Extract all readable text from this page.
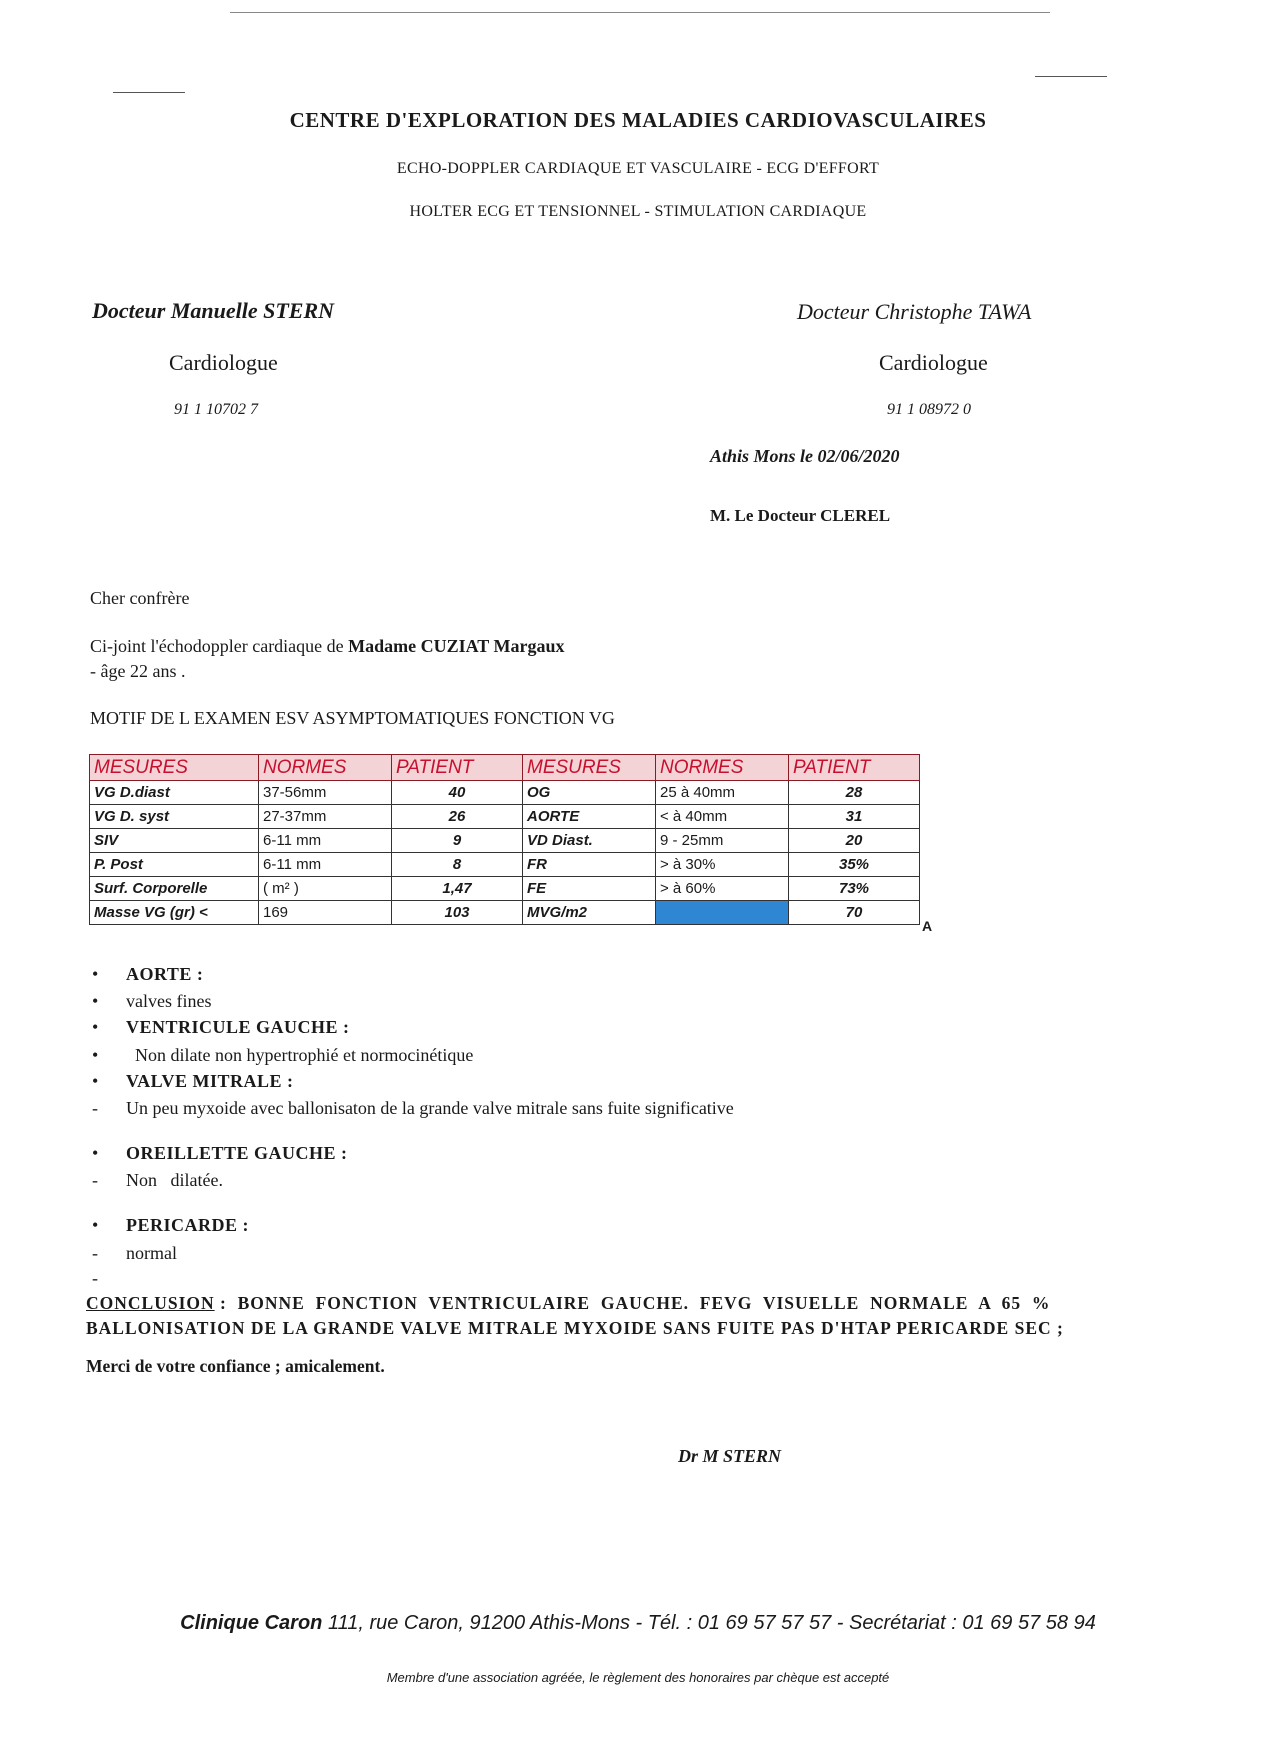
CENTRE D'EXPLORATION DES MALADIES CARDIOVASCULAIRES
ECHO-DOPPLER CARDIAQUE ET VASCULAIRE - ECG D'EFFORT
HOLTER ECG ET TENSIONNEL - STIMULATION CARDIAQUE
Docteur Manuelle STERN
Cardiologue
91 1 10702 7
Docteur Christophe TAWA
Cardiologue
91 1 08972 0
Athis Mons le 02/06/2020
M. Le Docteur CLEREL
Cher confrère
Ci-joint l'échodoppler cardiaque de Madame CUZIAT Margaux
- âge 22 ans .
MOTIF DE L EXAMEN ESV ASYMPTOMATIQUES FONCTION VG
MESURES	NORMES	PATIENT	MESURES	NORMES	PATIENT
VG D.diast	37-56mm	40	OG	25 à 40mm	28
VG D. syst	27-37mm	26	AORTE	< à 40mm	31
SIV	6-11 mm	9	VD Diast.	9 - 25mm	20
P. Post	6-11 mm	8	FR	> à 30%	35%
Surf. Corporelle	( m² )	1,47	FE	> à 60%	73%
Masse VG (gr) <	169	103	MVG/m2		70
A
•	AORTE :
•	valves fines
•	VENTRICULE GAUCHE :
•	Non dilate non hypertrophié et normocinétique
•	VALVE MITRALE :
-	Un peu myxoide avec ballonisaton de la grande valve mitrale sans fuite significative
•	OREILLETTE GAUCHE :
-	Non   dilatée.
•	PERICARDE :
-	normal
-
CONCLUSION :  BONNE  FONCTION  VENTRICULAIRE  GAUCHE.  FEVG  VISUELLE  NORMALE  A  65  %
BALLONISATION DE LA GRANDE VALVE MITRALE MYXOIDE SANS FUITE PAS D'HTAP PERICARDE SEC ;
Merci de votre confiance ; amicalement.
Dr M STERN
Clinique Caron 111, rue Caron, 91200 Athis-Mons - Tél. : 01 69 57 57 57 - Secrétariat : 01 69 57 58 94
Membre d'une association agréée, le règlement des honoraires par chèque est accepté
